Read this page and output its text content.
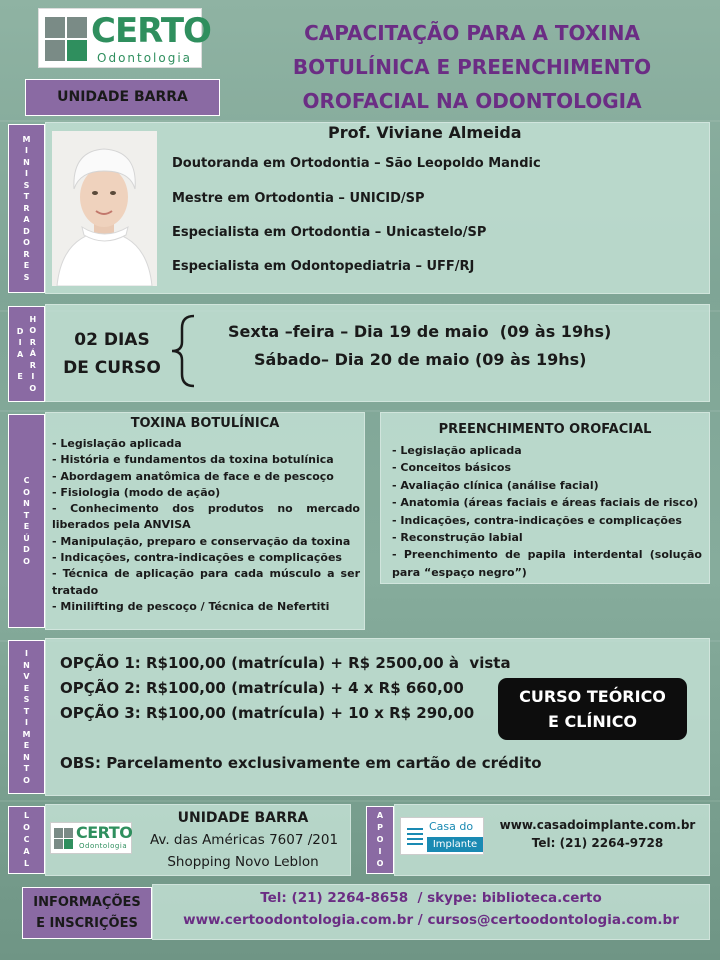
CERTO
Odontologia
UNIDADE BARRA
CAPACITAÇÃO PARA A TOXINA
BOTULÍNICA E PREENCHIMENTO
OROFACIAL NA ODONTOLOGIA
M
I
N
I
S
T
R
A
D
O
R
E
S
Prof. Viviane Almeida
Doutoranda em Ortodontia – São Leopoldo Mandic
Mestre em Ortodontia – UNICID/SP
Especialista em Ortodontia – Unicastelo/SP
Especialista em Odontopediatria – UFF/RJ
D
I
A
E
H
O
R
Á
R
I
O
02 DIAS
DE CURSO
Sexta –feira – Dia 19 de maio  (09 às 19hs)
Sábado– Dia 20 de maio (09 às 19hs)
C
O
N
T
E
Ú
D
O
TOXINA BOTULÍNICA
- Legislação aplicada
- História e fundamentos da toxina botulínica
- Abordagem anatômica de face e de pescoço
- Fisiologia (modo de ação)
- Conhecimento dos produtos no mercado liberados pela ANVISA
- Manipulação, preparo e conservação da toxina
- Indicações, contra-indicações e complicações
- Técnica de aplicação para cada músculo a ser tratado
- Minilifting de pescoço / Técnica de Nefertiti
PREENCHIMENTO OROFACIAL
- Legislação aplicada
- Conceitos básicos
- Avaliação clínica (análise facial)
- Anatomia (áreas faciais e áreas faciais de risco)
- Indicações, contra-indicações e complicações
- Reconstrução labial
- Preenchimento de papila interdental (solução para “espaço negro”)
I
N
V
E
S
T
I
M
E
N
T
O
OPÇÃO 1: R$100,00 (matrícula) + R$ 2500,00 à  vista
OPÇÃO 2: R$100,00 (matrícula) + 4 x R$ 660,00
OPÇÃO 3: R$100,00 (matrícula) + 10 x R$ 290,00
CURSO TEÓRICO
E CLÍNICO
OBS: Parcelamento exclusivamente em cartão de crédito
L
O
C
A
L
CERTO
Odontologia
UNIDADE BARRA
Av. das Américas 7607 /201
Shopping Novo Leblon
A
P
O
I
O
Casa do
Implante
www.casadoimplante.com.br
Tel: (21) 2264-9728
INFORMAÇÕES
E INSCRIÇÕES
Tel: (21) 2264-8658  / skype: biblioteca.certo
www.certoodontologia.com.br / cursos@certoodontologia.com.br
